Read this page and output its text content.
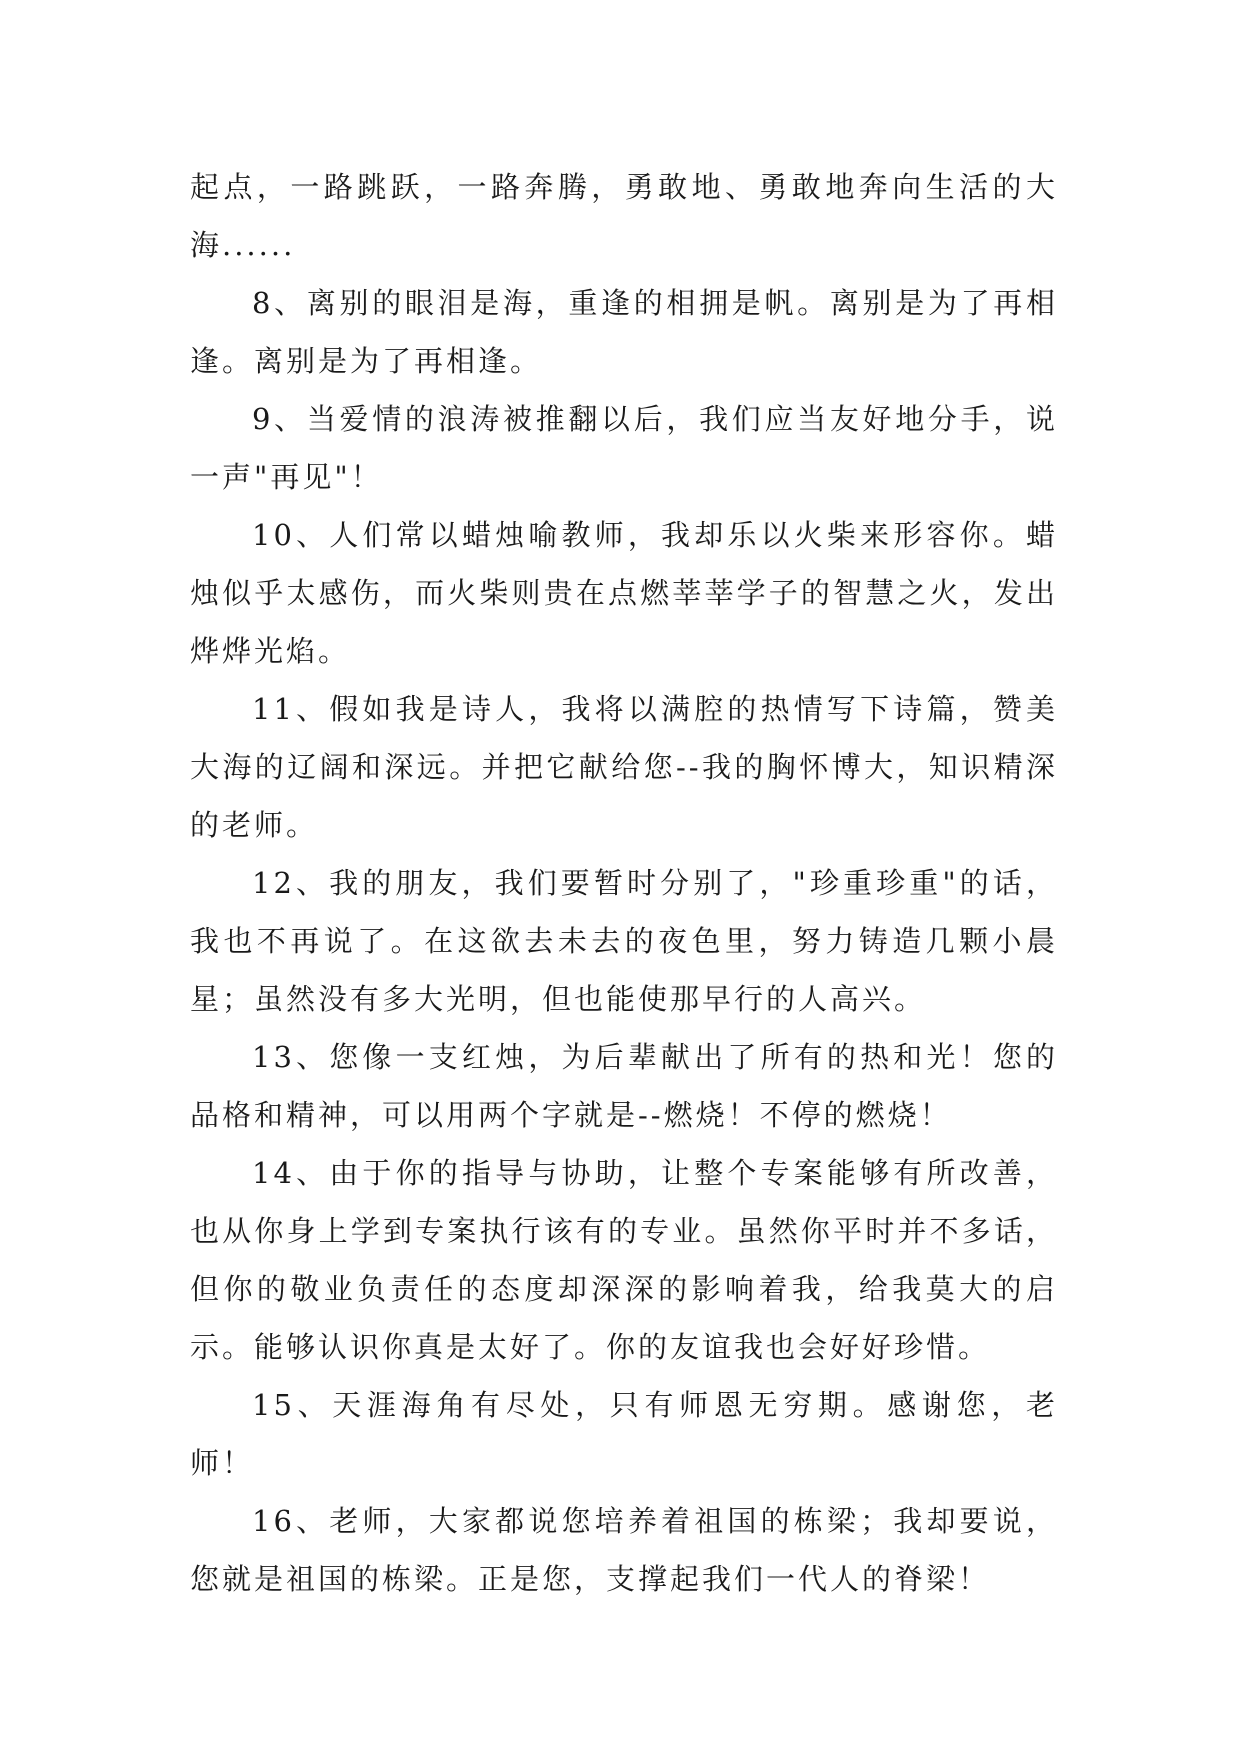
起点，一路跳跃，一路奔腾，勇敢地、勇敢地奔向生活的大海......

8、离别的眼泪是海，重逢的相拥是帆。离别是为了再相逢。离别是为了再相逢。

9、当爱情的浪涛被推翻以后，我们应当友好地分手，说一声"再见"！

10、人们常以蜡烛喻教师，我却乐以火柴来形容你。蜡烛似乎太感伤，而火柴则贵在点燃莘莘学子的智慧之火，发出烨烨光焰。

11、假如我是诗人，我将以满腔的热情写下诗篇，赞美大海的辽阔和深远。并把它献给您--我的胸怀博大，知识精深的老师。

12、我的朋友，我们要暂时分别了，"珍重珍重"的话，我也不再说了。在这欲去未去的夜色里，努力铸造几颗小晨星；虽然没有多大光明，但也能使那早行的人高兴。

13、您像一支红烛，为后辈献出了所有的热和光！您的品格和精神，可以用两个字就是--燃烧！不停的燃烧！

14、由于你的指导与协助，让整个专案能够有所改善，也从你身上学到专案执行该有的专业。虽然你平时并不多话，但你的敬业负责任的态度却深深的影响着我，给我莫大的启示。能够认识你真是太好了。你的友谊我也会好好珍惜。

15、天涯海角有尽处，只有师恩无穷期。感谢您，老师！

16、老师，大家都说您培养着祖国的栋梁；我却要说，您就是祖国的栋梁。正是您，支撑起我们一代人的脊梁！
